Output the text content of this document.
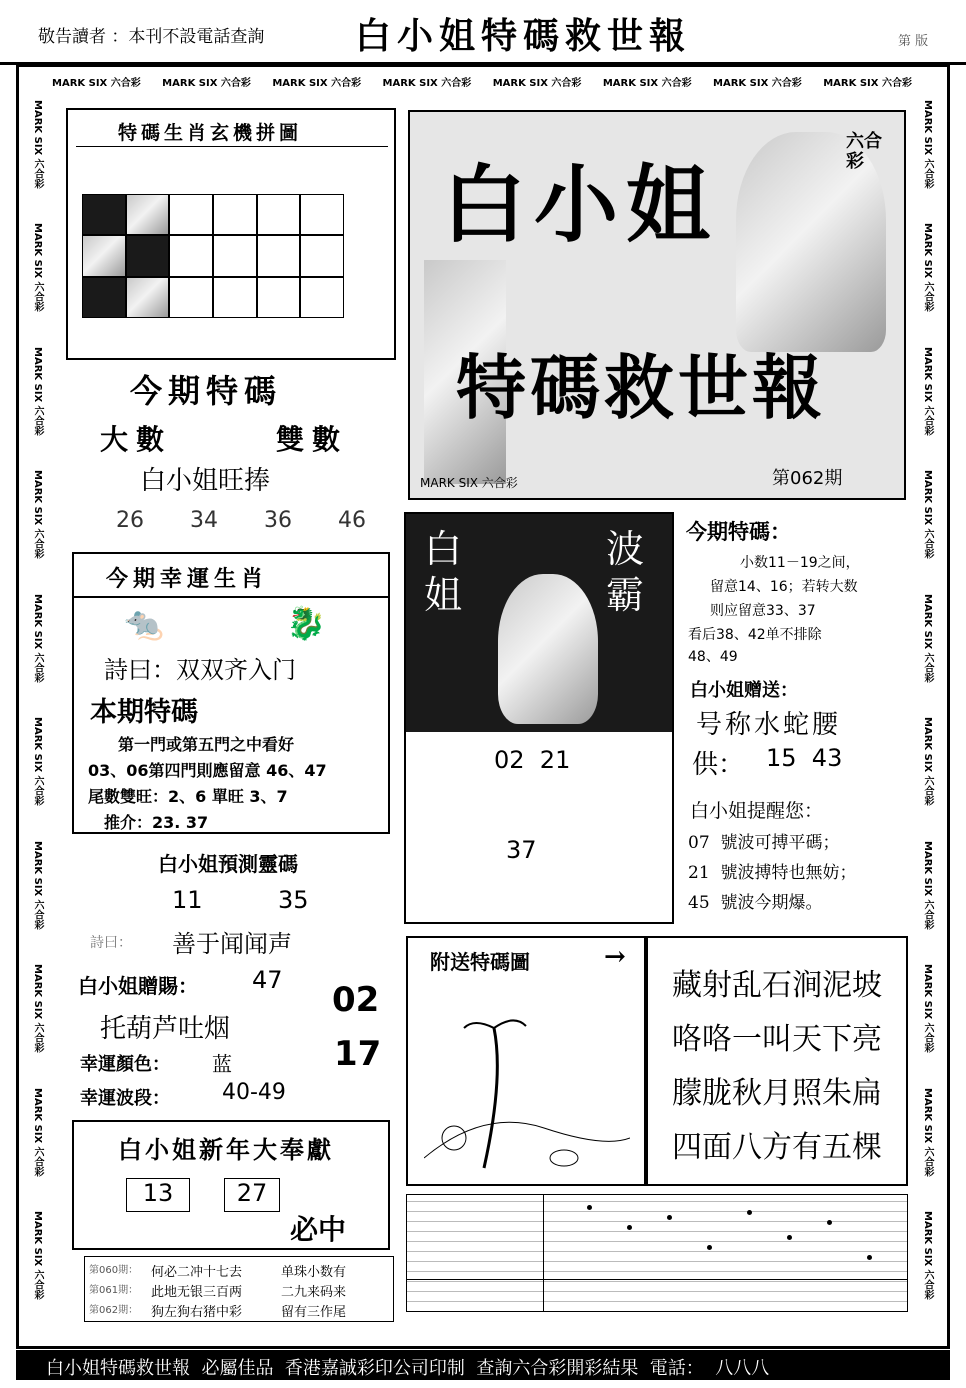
敬告讀者 ：本刊不設電話查詢	白小姐特碼救世報	第 版
MARK SIX 六合彩 MARK SIX 六合彩 MARK SIX 六合彩 MARK SIX 六合彩 MARK SIX 六合彩 MARK SIX 六合彩 MARK SIX 六合彩 MARK SIX 六合彩
MARK SIX 六合彩
MARK SIX 六合彩
MARK SIX 六合彩
MARK SIX 六合彩
MARK SIX 六合彩
MARK SIX 六合彩
MARK SIX 六合彩
MARK SIX 六合彩
MARK SIX 六合彩
MARK SIX 六合彩
MARK SIX 六合彩
MARK SIX 六合彩
MARK SIX 六合彩
MARK SIX 六合彩
MARK SIX 六合彩
MARK SIX 六合彩
MARK SIX 六合彩
MARK SIX 六合彩
MARK SIX 六合彩
MARK SIX 六合彩
特碼生肖玄機拼圖
今期特碼
大數	雙數
白小姐旺捧
26 34 36 46
今期幸運生肖
🐀	🐉
詩曰：双双齐入门
本期特碼
第一門或第五門之中看好
03、06第四門則應留意 46、47
尾數雙旺：2、6 單旺 3、7
推介：23. 37
白小姐預測靈碼
11	35
詩曰： 善于闻闻声
白小姐贈賜： 47
托葫芦吐烟
02
17
幸運顏色： 蓝
幸運波段： 40-49
白小姐新年大奉獻
13	27
必中
第060期： 何必二冲十七去	单珠小数有
第061期： 此地无银三百两	二九来码来
第062期： 狗左狗右猪中彩	留有三作尾
六合彩
白小姐
特碼救世報
MARK SIX 六合彩	第062期
白姐
波霸
02  21
37
今期特碼：
小数11－19之间，
留意14、16；若转大数
则应留意33、37
看后38、42单不排除
48、49
白小姐赠送：
号称水蛇腰
供： 15  43
白小姐提醒您：
07  號波可搏平碼；
21  號波搏特也無妨；
45  號波今期爆。
附送特碼圖	→
藏射乱石涧泥坡
咯咯一叫天下亮
朦胧秋月照朱扁
四面八方有五棵
白小姐特碼救世報  必屬佳品  香港嘉誠彩印公司印制  查詢六合彩開彩結果  電話：  八八八
